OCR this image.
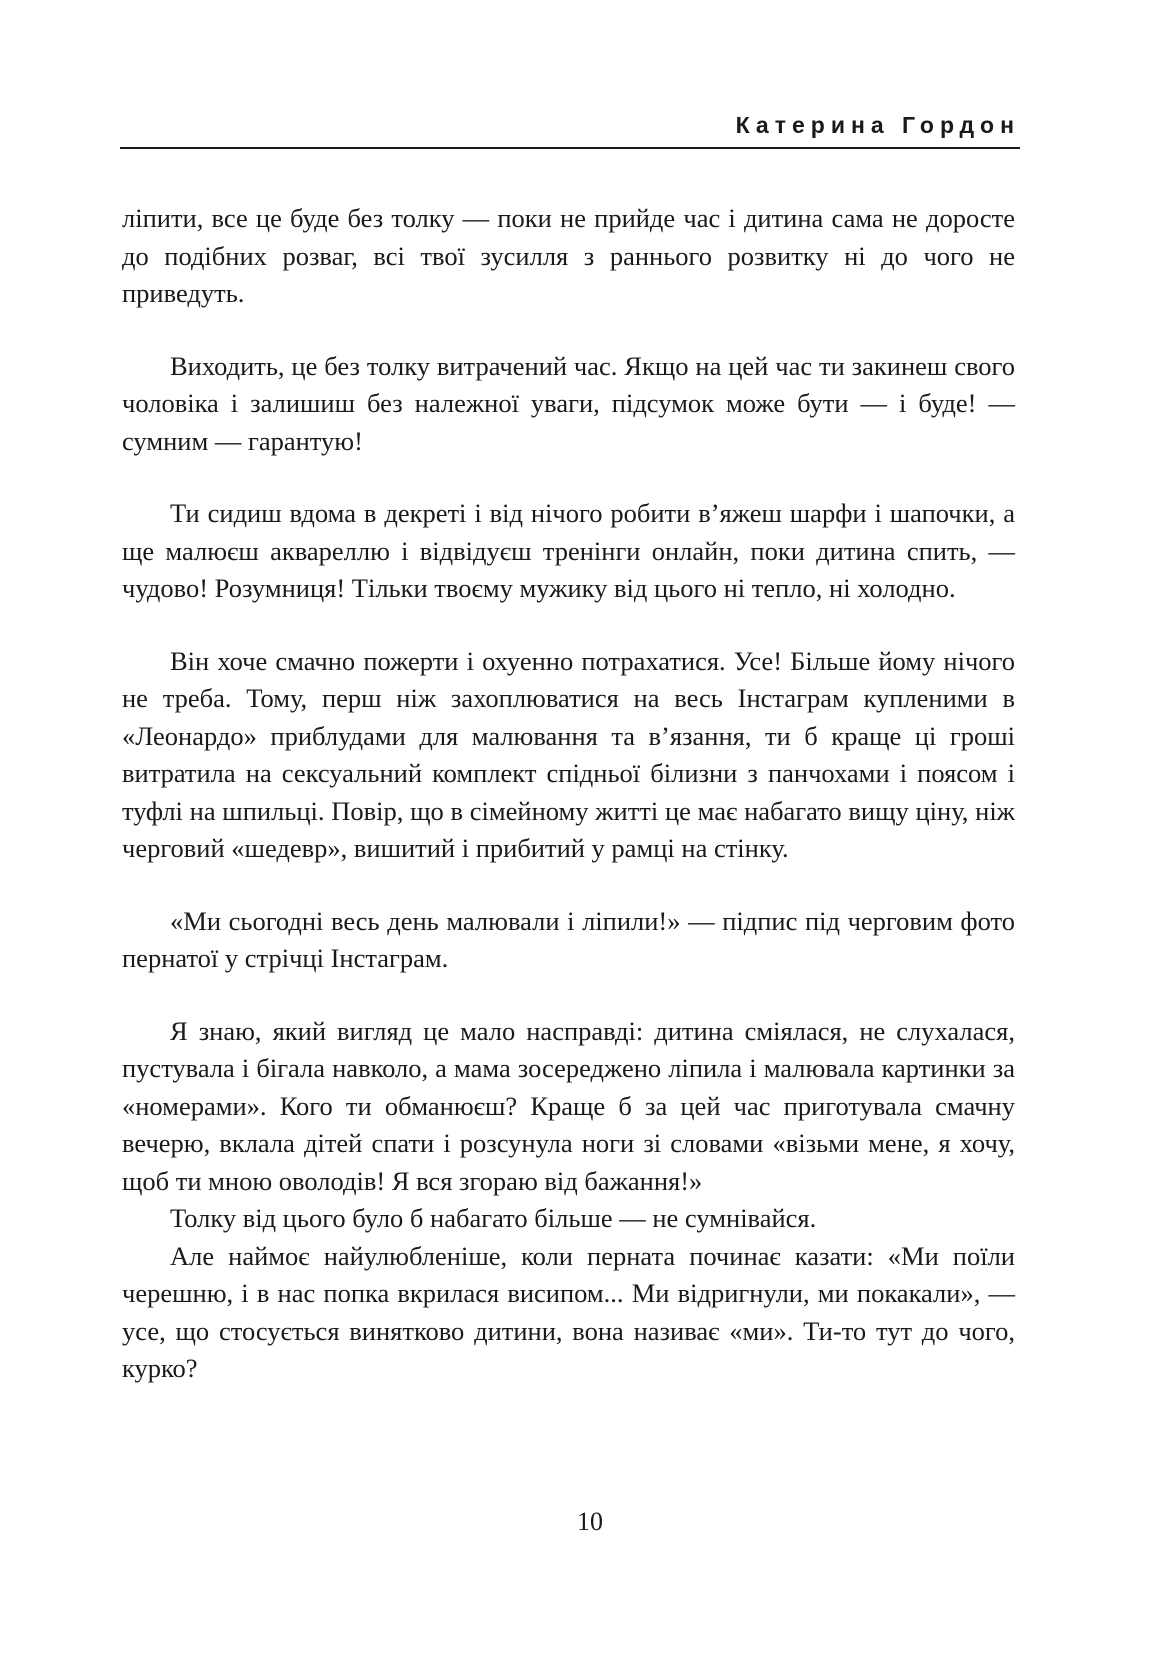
Катерина Гордон

ліпити, все це буде без толку — поки не прийде час і дитина сама не доросте до подібних розваг, всі твої зусилля з раннього розвитку ні до чого не приведуть.

Виходить, це без толку витрачений час. Якщо на цей час ти закинеш свого чоловіка і залишиш без належної уваги, підсумок може бути — і буде! — сумним — гарантую!

Ти сидиш вдома в декреті і від нічого робити в’яжеш шарфи і шапочки, а ще малюєш аквареллю і відвідуєш тренінги онлайн, поки дитина спить, — чудово! Розумниця! Тільки твоєму мужику від цього ні тепло, ні холодно.

Він хоче смачно пожерти і охуенно потрахатися. Усе! Більше йому нічого не треба. Тому, перш ніж захоплюватися на весь Інстаграм купленими в «Леонардо» приблудами для малювання та в’язання, ти б краще ці гроші витратила на сексуальний комплект спідньої білизни з панчохами і поясом і туфлі на шпильці. Повір, що в сімейному житті це має набагато вищу ціну, ніж черговий «шедевр», вишитий і прибитий у рамці на стінку.

«Ми сьогодні весь день малювали і ліпили!» — підпис під черговим фото пернатої у стрічці Інстаграм.

Я знаю, який вигляд це мало насправді: дитина сміялася, не слухалася, пустувала і бігала навколо, а мама зосереджено ліпила і малювала картинки за «номерами». Кого ти обманюєш? Краще б за цей час приготувала смачну вечерю, вклала дітей спати і розсунула ноги зі словами «візьми мене, я хочу, щоб ти мною оволодів! Я вся згораю від бажання!»

Толку від цього було б набагато більше — не сумнівайся.

Але наймоє найулюбленіше, коли перната починає казати: «Ми поїли черешню, і в нас попка вкрилася висипом... Ми відригнули, ми покакали», — усе, що стосується винятково дитини, вона називає «ми». Ти-то тут до чого, курко?

10
